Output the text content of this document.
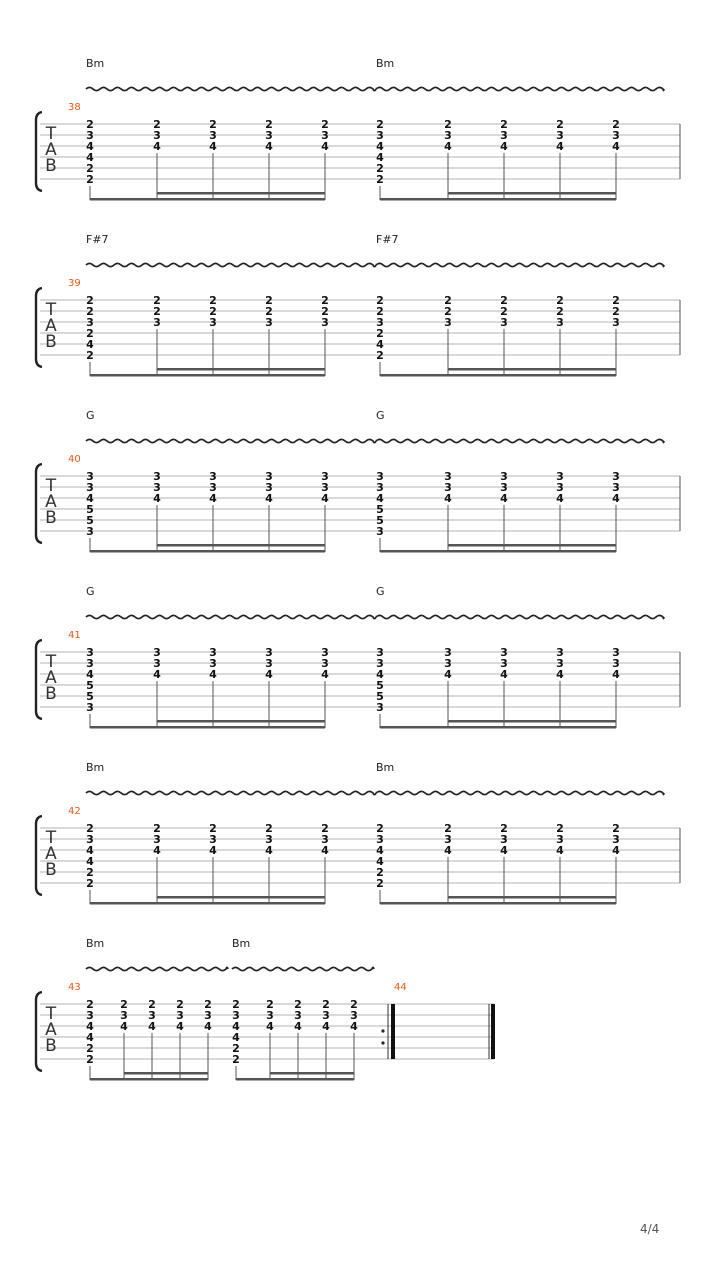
T
A
B
38
Bm
2
3
4
4
2
2
2
3
4
2
3
4
2
3
4
2
3
4
Bm
2
3
4
4
2
2
2
3
4
2
3
4
2
3
4
2
3
4
T
A
B
39
F#7
2
2
3
2
4
2
2
2
3
2
2
3
2
2
3
2
2
3
F#7
2
2
3
2
4
2
2
2
3
2
2
3
2
2
3
2
2
3
T
A
B
40
G
3
3
4
5
5
3
3
3
4
3
3
4
3
3
4
3
3
4
G
3
3
4
5
5
3
3
3
4
3
3
4
3
3
4
3
3
4
T
A
B
41
G
3
3
4
5
5
3
3
3
4
3
3
4
3
3
4
3
3
4
G
3
3
4
5
5
3
3
3
4
3
3
4
3
3
4
3
3
4
T
A
B
42
Bm
2
3
4
4
2
2
2
3
4
2
3
4
2
3
4
2
3
4
Bm
2
3
4
4
2
2
2
3
4
2
3
4
2
3
4
2
3
4
T
A
B
43	44
Bm
2
3
4
4
2
2
2
3
4
2
3
4
2
3
4
2
3
4
Bm
2
3
4
4
2
2
2
3
4
2
3
4
2
3
4
2
3
4
4/4
